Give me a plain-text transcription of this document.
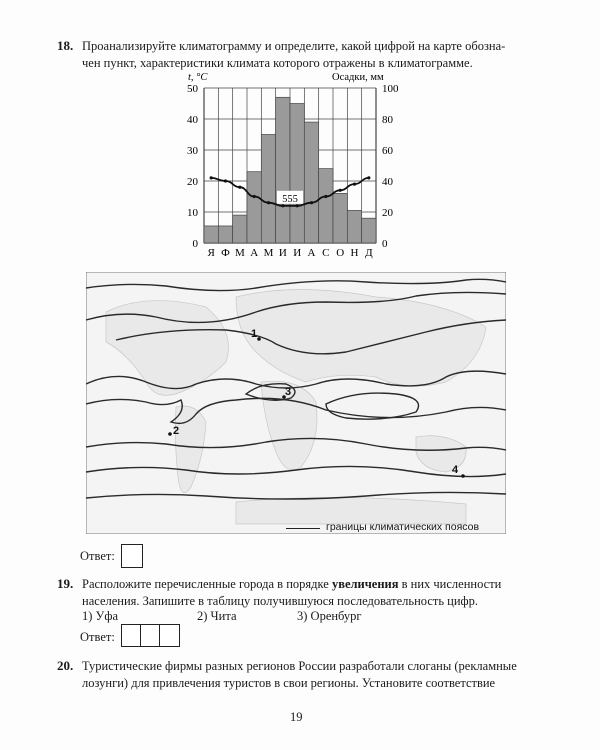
18. Проанализируйте климатограмму и определите, какой цифрой на карте обозна-
чен пункт, характеристики климата которого отражены в климатограмме.
t, °C	Осадки, мм
50
40
30
20
10
0
100
80
60
40
20
0
Я Ф М А М И И А С О Н Д
555
1
2
3
4
границы климатических поясов
Ответ:
19. Расположите перечисленные города в порядке увеличения в них численности
населения. Запишите в таблицу получившуюся последовательность цифр.
1) Уфа	2) Чита	3) Оренбург
Ответ:
20. Туристические фирмы разных регионов России разработали слоганы (рекламные
лозунги) для привлечения туристов в свои регионы. Установите соответствие
19
